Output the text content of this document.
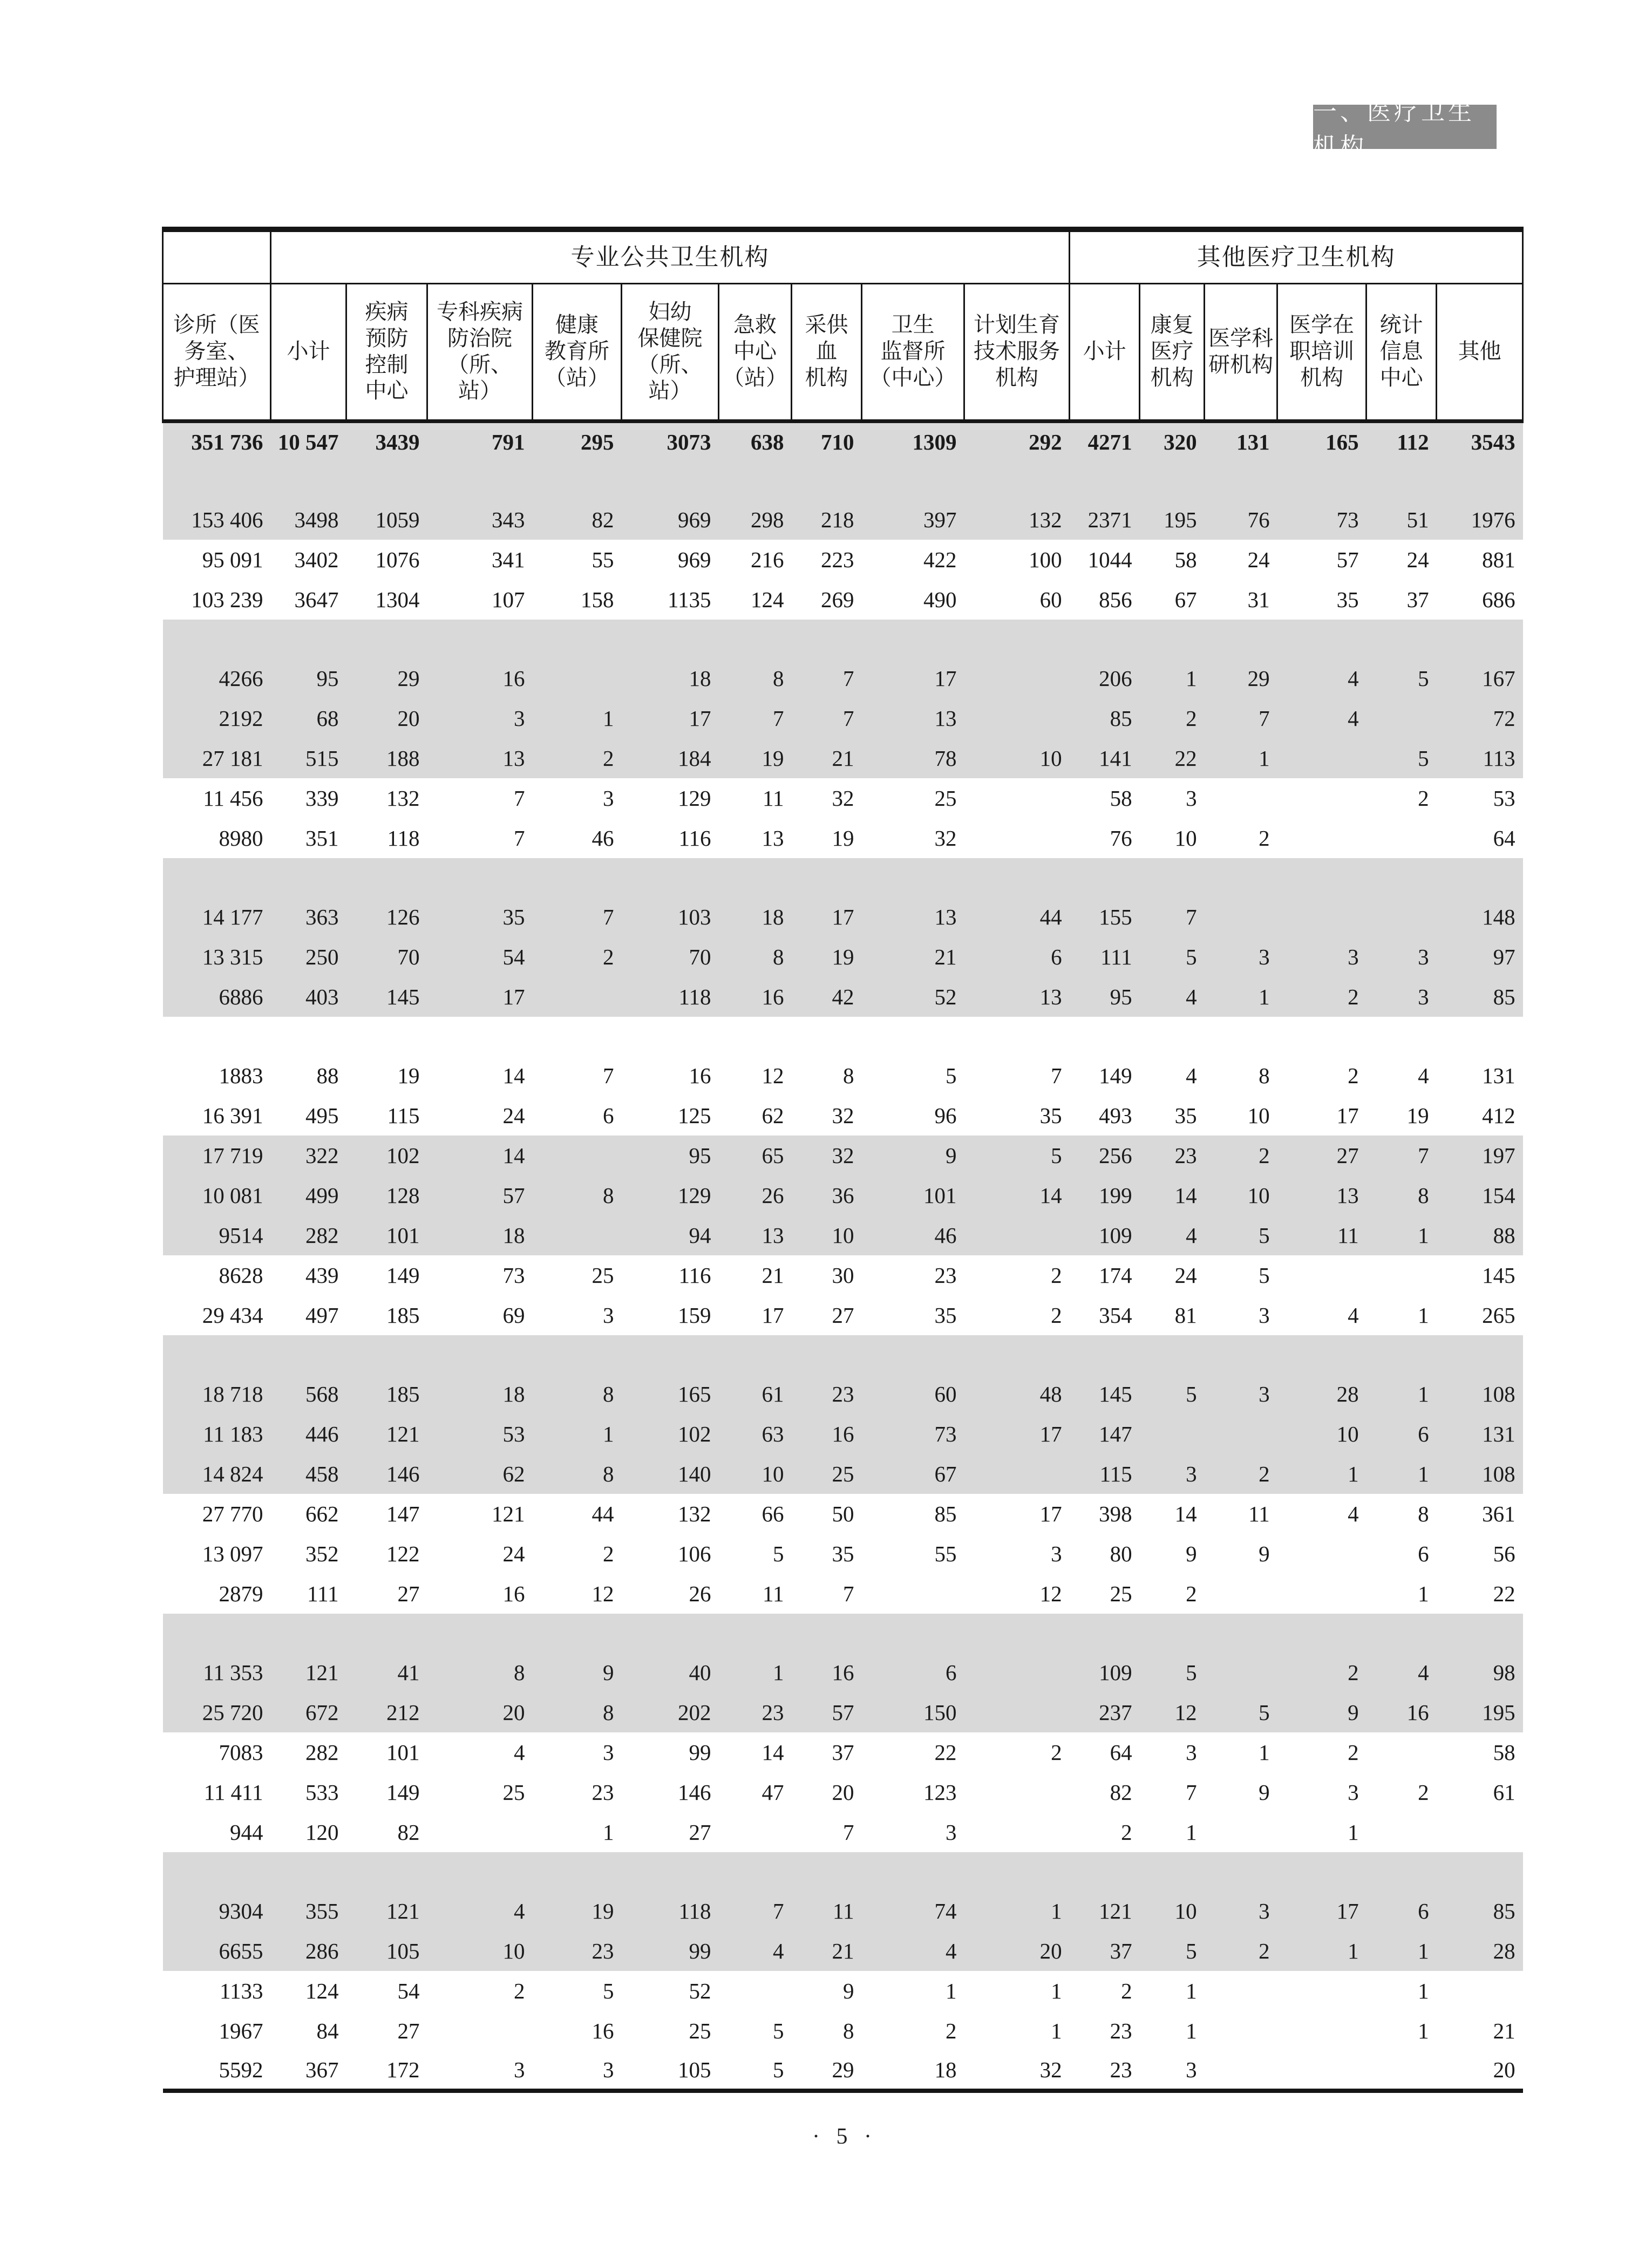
一、医疗卫生机构
	专业公共卫生机构									其他医疗卫生机构					
诊所（医
务室、
护理站）	小计	疾病
预防
控制
中心	专科疾病
防治院
（所、
站）	健康
教育所
（站）	妇幼
保健院
（所、
站）	急救
中心
（站）	采供
血
机构	卫生
监督所
（中心）	计划生育
技术服务
机构	小计	康复
医疗
机构	医学科
研机构	医学在
职培训
机构	统计
信息
中心	其他
351 736	10 547	3439	791	295	3073	638	710	1309	292	4271	320	131	165	112	3543

153 406	3498	1059	343	82	969	298	218	397	132	2371	195	76	73	51	1976
95 091	3402	1076	341	55	969	216	223	422	100	1044	58	24	57	24	881
103 239	3647	1304	107	158	1135	124	269	490	60	856	67	31	35	37	686

4266	95	29	16		18	8	7	17		206	1	29	4	5	167
2192	68	20	3	1	17	7	7	13		85	2	7	4		72
27 181	515	188	13	2	184	19	21	78	10	141	22	1		5	113
11 456	339	132	7	3	129	11	32	25		58	3			2	53
8980	351	118	7	46	116	13	19	32		76	10	2			64

14 177	363	126	35	7	103	18	17	13	44	155	7				148
13 315	250	70	54	2	70	8	19	21	6	111	5	3	3	3	97
6886	403	145	17		118	16	42	52	13	95	4	1	2	3	85

1883	88	19	14	7	16	12	8	5	7	149	4	8	2	4	131
16 391	495	115	24	6	125	62	32	96	35	493	35	10	17	19	412
17 719	322	102	14		95	65	32	9	5	256	23	2	27	7	197
10 081	499	128	57	8	129	26	36	101	14	199	14	10	13	8	154
9514	282	101	18		94	13	10	46		109	4	5	11	1	88
8628	439	149	73	25	116	21	30	23	2	174	24	5			145
29 434	497	185	69	3	159	17	27	35	2	354	81	3	4	1	265

18 718	568	185	18	8	165	61	23	60	48	145	5	3	28	1	108
11 183	446	121	53	1	102	63	16	73	17	147			10	6	131
14 824	458	146	62	8	140	10	25	67		115	3	2	1	1	108
27 770	662	147	121	44	132	66	50	85	17	398	14	11	4	8	361
13 097	352	122	24	2	106	5	35	55	3	80	9	9		6	56
2879	111	27	16	12	26	11	7		12	25	2			1	22

11 353	121	41	8	9	40	1	16	6		109	5		2	4	98
25 720	672	212	20	8	202	23	57	150		237	12	5	9	16	195
7083	282	101	4	3	99	14	37	22	2	64	3	1	2		58
11 411	533	149	25	23	146	47	20	123		82	7	9	3	2	61
944	120	82		1	27		7	3		2	1		1		

9304	355	121	4	19	118	7	11	74	1	121	10	3	17	6	85
6655	286	105	10	23	99	4	21	4	20	37	5	2	1	1	28
1133	124	54	2	5	52		9	1	1	2	1			1	
1967	84	27		16	25	5	8	2	1	23	1			1	21
5592	367	172	3	3	105	5	29	18	32	23	3				20
· 5 ·
